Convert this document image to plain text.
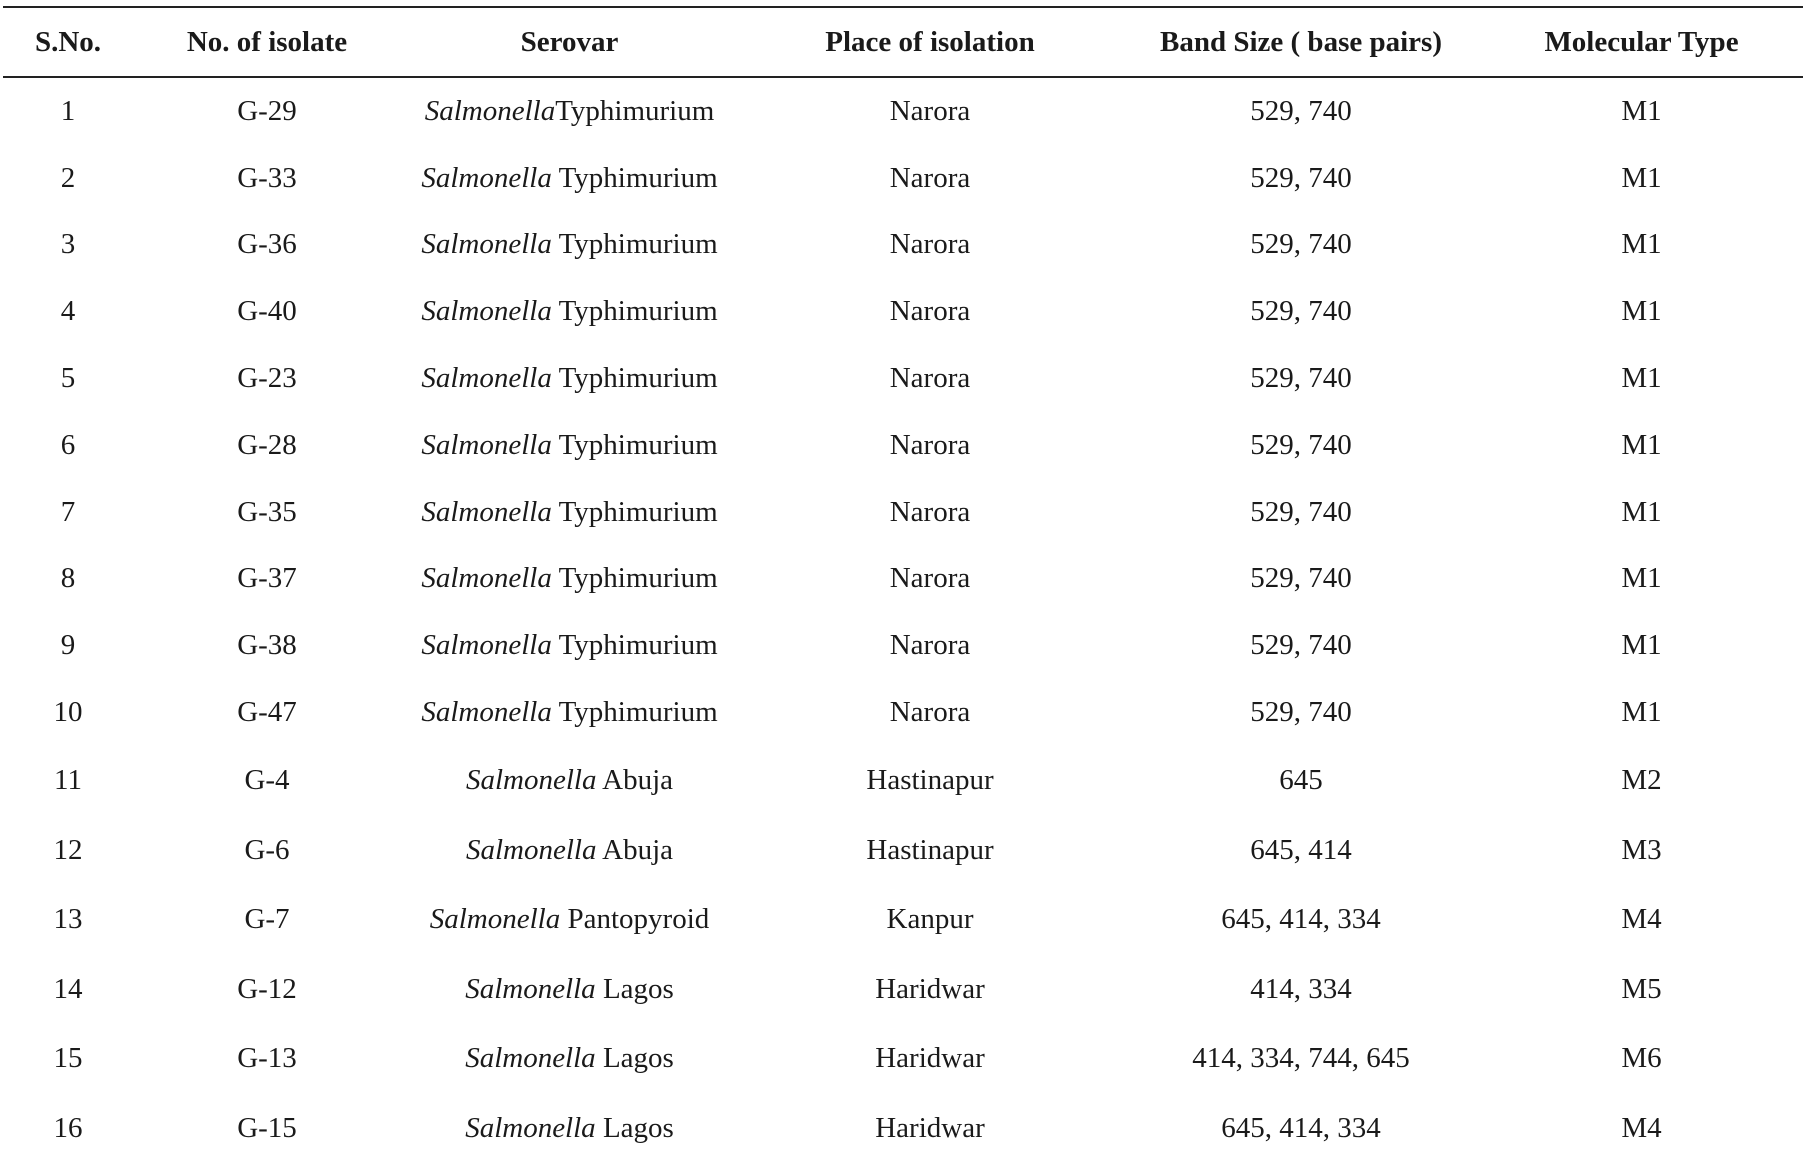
S.No.	No. of isolate	Serovar	Place of isolation	Band Size ( base pairs)	Molecular Type
1	G-29	SalmonellaTyphimurium	Narora	529, 740	M1
2	G-33	Salmonella Typhimurium	Narora	529, 740	M1
3	G-36	Salmonella Typhimurium	Narora	529, 740	M1
4	G-40	Salmonella Typhimurium	Narora	529, 740	M1
5	G-23	Salmonella Typhimurium	Narora	529, 740	M1
6	G-28	Salmonella Typhimurium	Narora	529, 740	M1
7	G-35	Salmonella Typhimurium	Narora	529, 740	M1
8	G-37	Salmonella Typhimurium	Narora	529, 740	M1
9	G-38	Salmonella Typhimurium	Narora	529, 740	M1
10	G-47	Salmonella Typhimurium	Narora	529, 740	M1
11	G-4	Salmonella Abuja	Hastinapur	645	M2
12	G-6	Salmonella Abuja	Hastinapur	645, 414	M3
13	G-7	Salmonella Pantopyroid	Kanpur	645, 414, 334	M4
14	G-12	Salmonella Lagos	Haridwar	414, 334	M5
15	G-13	Salmonella Lagos	Haridwar	414, 334, 744, 645	M6
16	G-15	Salmonella Lagos	Haridwar	645, 414, 334	M4
